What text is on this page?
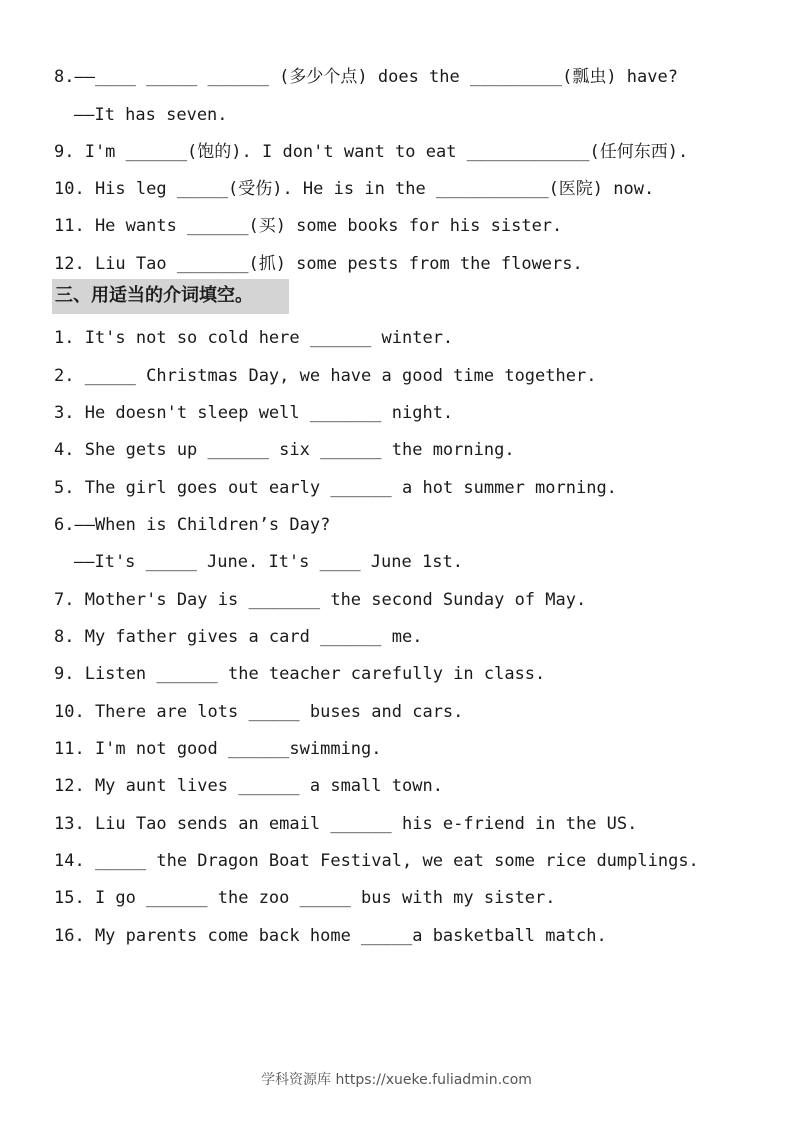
8.——____ _____ ______ (多少个点) does the _________(瓢虫) have?
——It has seven.
9. I'm ______(饱的). I don't want to eat ____________(任何东西).
10. His leg _____(受伤). He is in the ___________(医院) now.
11. He wants ______(买) some books for his sister.
12. Liu Tao _______(抓) some pests from the flowers.
三、用适当的介词填空。
1. It's not so cold here ______ winter.
2. _____ Christmas Day, we have a good time together.
3. He doesn't sleep well _______ night.
4. She gets up ______ six ______ the morning.
5. The girl goes out early ______ a hot summer morning.
6.——When is Children’s Day?
——It's _____ June. It's ____ June 1st.
7. Mother's Day is _______ the second Sunday of May.
8. My father gives a card ______ me.
9. Listen ______ the teacher carefully in class.
10. There are lots _____ buses and cars.
11. I'm not good ______swimming.
12. My aunt lives ______ a small town.
13. Liu Tao sends an email ______ his e-friend in the US.
14. _____ the Dragon Boat Festival, we eat some rice dumplings.
15. I go ______ the zoo _____ bus with my sister.
16. My parents come back home _____a basketball match.
学科资源库 https://xueke.fuliadmin.com
